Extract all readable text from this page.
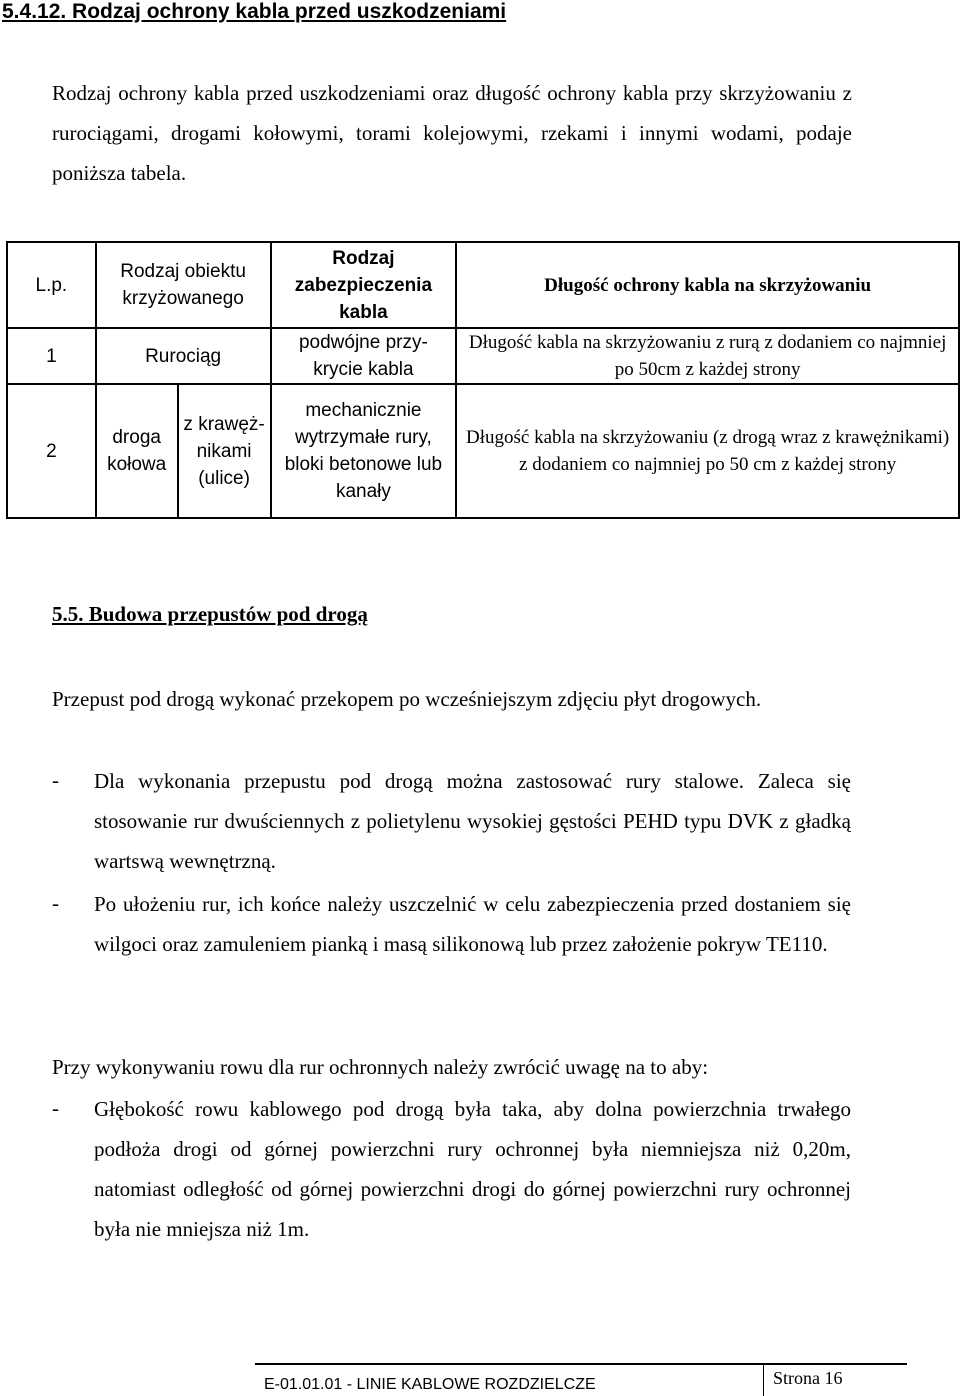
5.4.12. Rodzaj ochrony kabla przed uszkodzeniami
Rodzaj ochrony kabla przed uszkodzeniami oraz długość ochrony kabla przy skrzyżowaniu z rurociągami, drogami kołowymi, torami kolejowymi, rzekami i innymi wodami, podaje poniższa tabela.
L.p.	Rodzaj obiektu krzyżowanego		Rodzaj zabezpieczenia kabla	Długość ochrony kabla na skrzyżowaniu
1	Rurociąg		podwójne przy-krycie kabla	Długość kabla na skrzyżowaniu z rurą z dodaniem co najmniej po 50cm z każdej strony
2	droga kołowa	z krawęż-nikami (ulice)	mechanicznie wytrzymałe rury, bloki betonowe lub kanały	Długość kabla na skrzyżowaniu (z drogą wraz z krawężnikami) z dodaniem co najmniej po 50 cm z każdej strony
5.5. Budowa przepustów pod drogą
Przepust pod drogą wykonać przekopem po wcześniejszym zdjęciu płyt drogowych.
- Dla wykonania przepustu pod drogą można zastosować rury stalowe. Zaleca się stosowanie rur dwuściennych z polietylenu wysokiej gęstości PEHD typu DVK z gładką wartswą wewnętrzną.
- Po ułożeniu rur, ich końce należy uszczelnić w celu zabezpieczenia przed dostaniem się wilgoci oraz zamuleniem pianką i masą silikonową lub przez założenie pokryw TE110.
Przy wykonywaniu rowu dla rur ochronnych należy zwrócić uwagę na to aby:
- Głębokość rowu kablowego pod drogą była taka, aby dolna powierzchnia trwałego podłoża drogi od górnej powierzchni rury ochronnej była niemniejsza niż 0,20m, natomiast odległość od górnej powierzchni drogi do górnej powierzchni rury ochronnej była nie mniejsza niż 1m.
E-01.01.01 - LINIE KABLOWE ROZDZIELCZE	Strona 16
